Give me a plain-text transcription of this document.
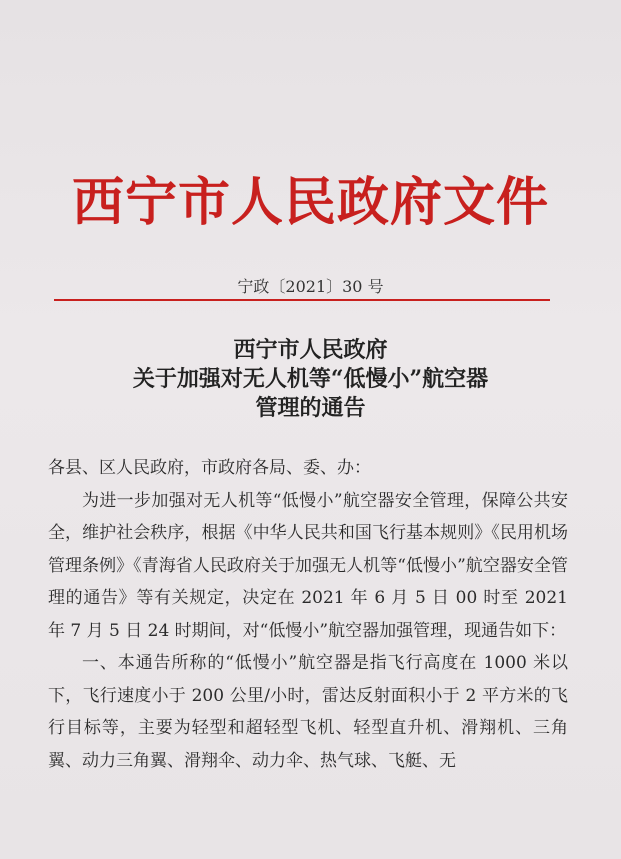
西宁市人民政府文件
宁政〔2021〕30 号
西宁市人民政府
关于加强对无人机等“低慢小”航空器
管理的通告

各县、区人民政府，市政府各局、委、办：

为进一步加强对无人机等“低慢小”航空器安全管理，保障公共安全，维护社会秩序，根据《中华人民共和国飞行基本规则》《民用机场管理条例》《青海省人民政府关于加强无人机等“低慢小”航空器安全管理的通告》等有关规定，决定在 2021 年 6 月 5 日 00 时至 2021 年 7 月 5 日 24 时期间，对“低慢小”航空器加强管理，现通告如下：

一、本通告所称的“低慢小”航空器是指飞行高度在 1000 米以下，飞行速度小于 200 公里/小时，雷达反射面积小于 2 平方米的飞行目标等，主要为轻型和超轻型飞机、轻型直升机、滑翔机、三角翼、动力三角翼、滑翔伞、动力伞、热气球、飞艇、无
